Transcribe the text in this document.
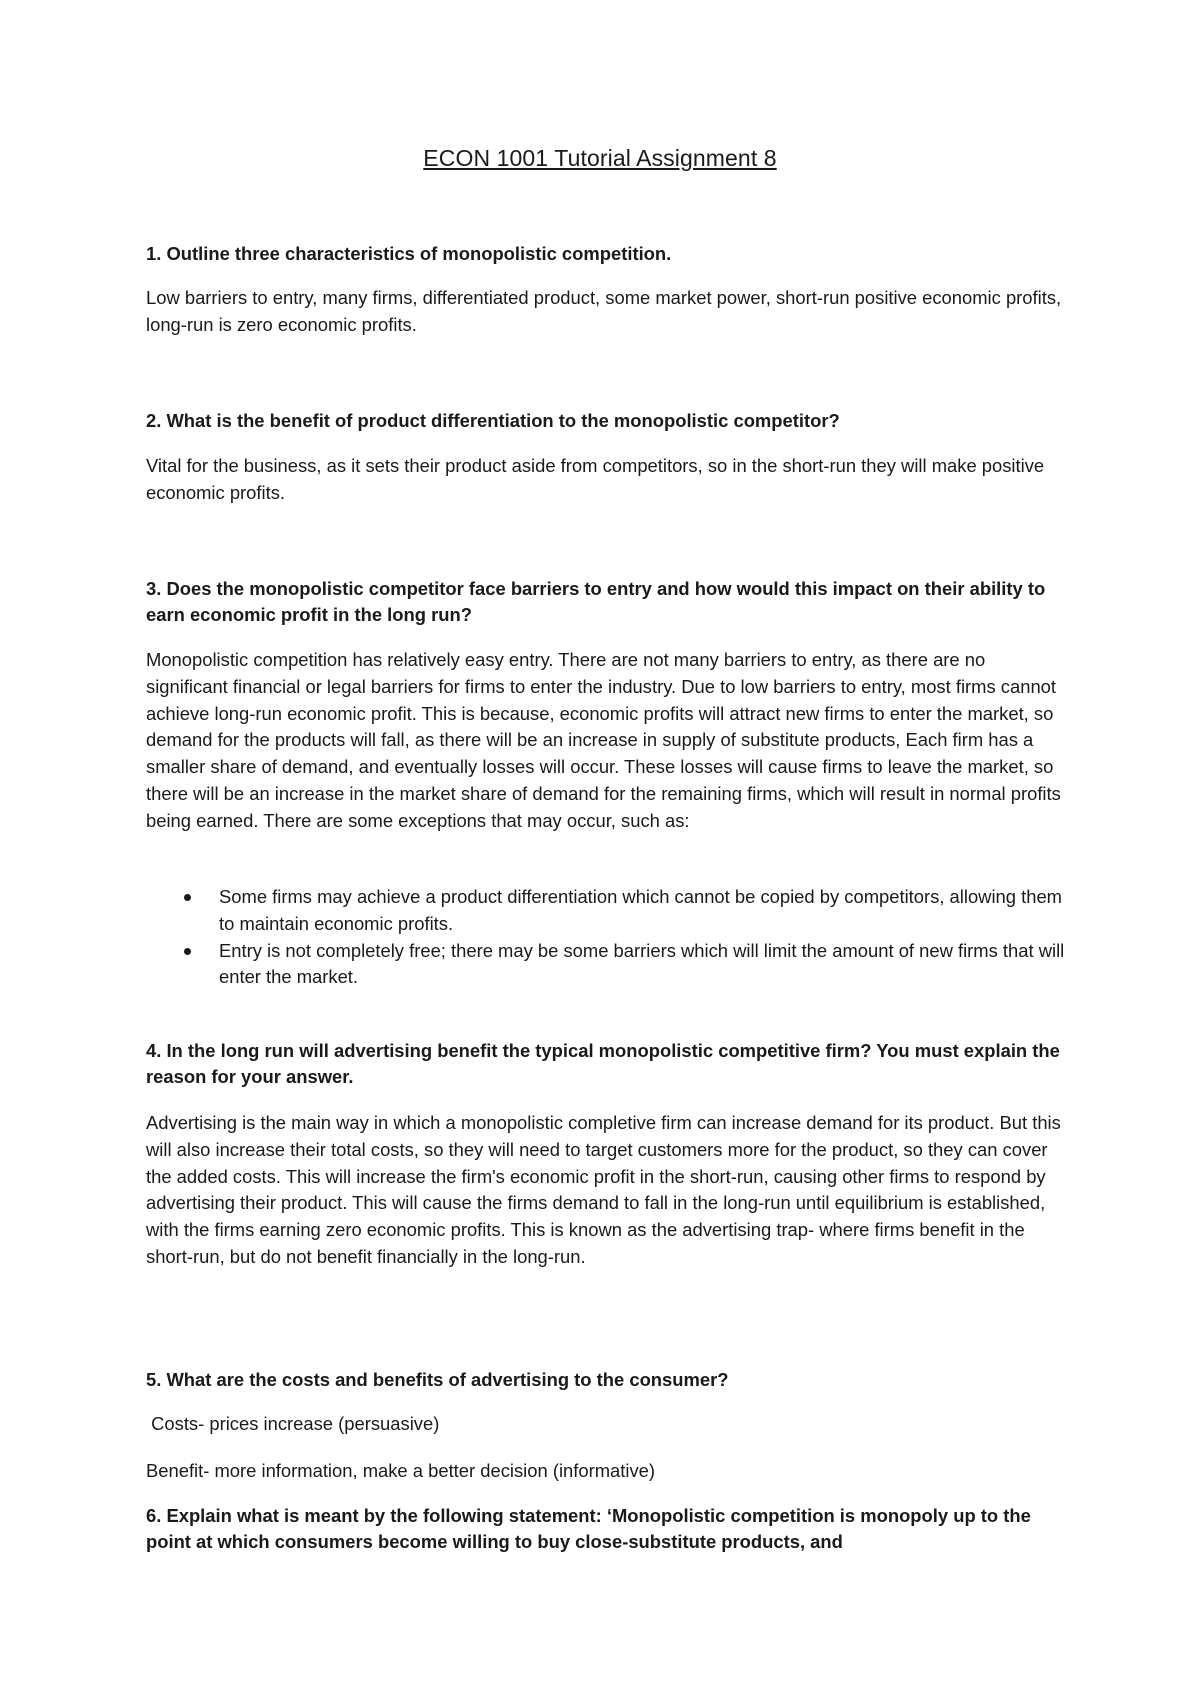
ECON 1001 Tutorial Assignment 8

1. Outline three characteristics of monopolistic competition.

Low barriers to entry, many firms, differentiated product, some market power, short-run positive economic profits, long-run is zero economic profits.

2. What is the benefit of product differentiation to the monopolistic competitor?

Vital for the business, as it sets their product aside from competitors, so in the short-run they will make positive economic profits.

3. Does the monopolistic competitor face barriers to entry and how would this impact on their ability to earn economic profit in the long run?

Monopolistic competition has relatively easy entry. There are not many barriers to entry, as there are no significant financial or legal barriers for firms to enter the industry. Due to low barriers to entry, most firms cannot achieve long-run economic profit. This is because, economic profits will attract new firms to enter the market, so demand for the products will fall, as there will be an increase in supply of substitute products, Each firm has a smaller share of demand, and eventually losses will occur. These losses will cause firms to leave the market, so there will be an increase in the market share of demand for the remaining firms, which will result in normal profits being earned. There are some exceptions that may occur, such as:

Some firms may achieve a product differentiation which cannot be copied by competitors, allowing them to maintain economic profits.
Entry is not completely free; there may be some barriers which will limit the amount of new firms that will enter the market.

4. In the long run will advertising benefit the typical monopolistic competitive firm? You must explain the reason for your answer.

Advertising is the main way in which a monopolistic completive firm can increase demand for its product. But this will also increase their total costs, so they will need to target customers more for the product, so they can cover the added costs. This will increase the firm's economic profit in the short-run, causing other firms to respond by advertising their product. This will cause the firms demand to fall in the long-run until equilibrium is established, with the firms earning zero economic profits. This is known as the advertising trap- where firms benefit in the short-run, but do not benefit financially in the long-run.

5. What are the costs and benefits of advertising to the consumer?

Costs- prices increase (persuasive)

Benefit- more information, make a better decision (informative)

6. Explain what is meant by the following statement: ‘Monopolistic competition is monopoly up to the point at which consumers become willing to buy close-substitute products, and
